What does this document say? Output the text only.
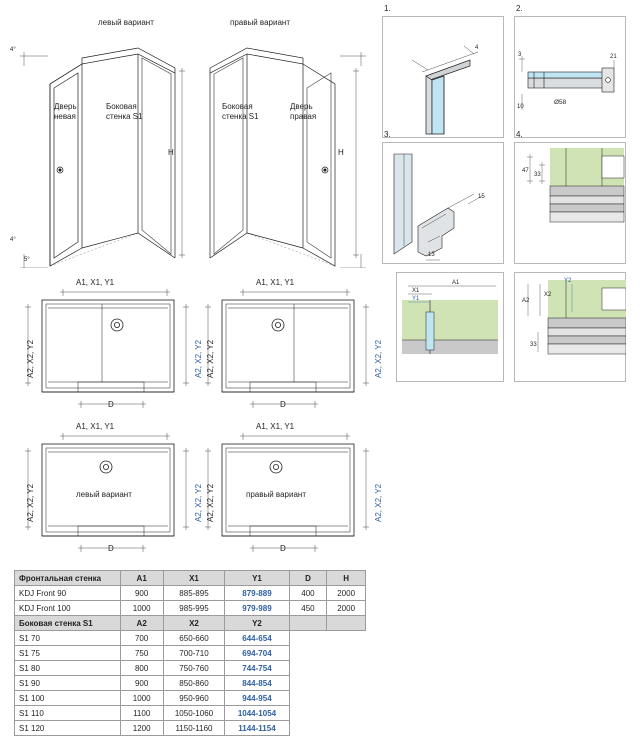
левый вариант
4°
4°
5°
Дверь
невая
Боковая
стенка S1
H
правый вариант
Боковая
стенка S1
Дверь
правая
H
A1, X1, Y1
A2, X2, Y2	A2, X2, Y2
D
A1, X1, Y1
A2, X2, Y2	A2, X2, Y2
D
A1, X1, Y1
A2, X2, Y2	A2, X2, Y2
левый вариант
D
A1, X1, Y1
A2, X2, Y2	A2, X2, Y2
правый вариант
D
4
1.
3
10
21
Ø58
2.
15
13
3.
47
33
4.
A1
X1
Y1	A2
X2
Y2
33
Фронтальная стенка	A1	X1	Y1	D	H
KDJ Front 90	900	885-895	879-889	400	2000
KDJ Front 100	1000	985-995	979-989	450	2000
Боковая стенка S1	A2	X2	Y2		
S1 70	700	650-660	644-654		
S1 75	750	700-710	694-704		
S1 80	800	750-760	744-754		
S1 90	900	850-860	844-854		
S1 100	1000	950-960	944-954		
S1 110	1100	1050-1060	1044-1054		
S1 120	1200	1150-1160	1144-1154		
